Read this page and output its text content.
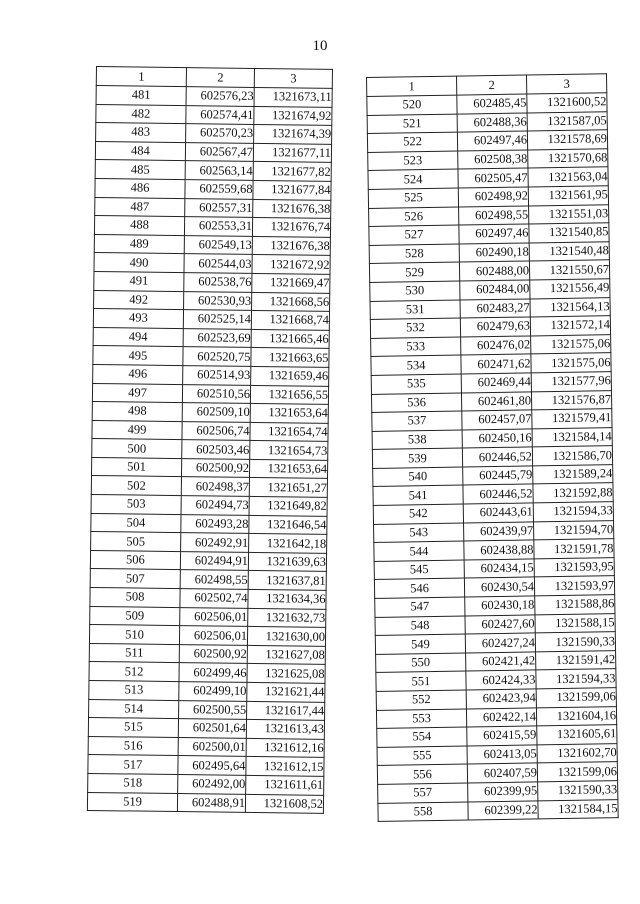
10
1	2	3
481	602576,23	1321673,11
482	602574,41	1321674,92
483	602570,23	1321674,39
484	602567,47	1321677,11
485	602563,14	1321677,82
486	602559,68	1321677,84
487	602557,31	1321676,38
488	602553,31	1321676,74
489	602549,13	1321676,38
490	602544,03	1321672,92
491	602538,76	1321669,47
492	602530,93	1321668,56
493	602525,14	1321668,74
494	602523,69	1321665,46
495	602520,75	1321663,65
496	602514,93	1321659,46
497	602510,56	1321656,55
498	602509,10	1321653,64
499	602506,74	1321654,74
500	602503,46	1321654,73
501	602500,92	1321653,64
502	602498,37	1321651,27
503	602494,73	1321649,82
504	602493,28	1321646,54
505	602492,91	1321642,18
506	602494,91	1321639,63
507	602498,55	1321637,81
508	602502,74	1321634,36
509	602506,01	1321632,73
510	602506,01	1321630,00
511	602500,92	1321627,08
512	602499,46	1321625,08
513	602499,10	1321621,44
514	602500,55	1321617,44
515	602501,64	1321613,43
516	602500,01	1321612,16
517	602495,64	1321612,15
518	602492,00	1321611,61
519	602488,91	1321608,52
1	2	3
520	602485,45	1321600,52
521	602488,36	1321587,05
522	602497,46	1321578,69
523	602508,38	1321570,68
524	602505,47	1321563,04
525	602498,92	1321561,95
526	602498,55	1321551,03
527	602497,46	1321540,85
528	602490,18	1321540,48
529	602488,00	1321550,67
530	602484,00	1321556,49
531	602483,27	1321564,13
532	602479,63	1321572,14
533	602476,02	1321575,06
534	602471,62	1321575,06
535	602469,44	1321577,96
536	602461,80	1321576,87
537	602457,07	1321579,41
538	602450,16	1321584,14
539	602446,52	1321586,70
540	602445,79	1321589,24
541	602446,52	1321592,88
542	602443,61	1321594,33
543	602439,97	1321594,70
544	602438,88	1321591,78
545	602434,15	1321593,95
546	602430,54	1321593,97
547	602430,18	1321588,86
548	602427,60	1321588,15
549	602427,24	1321590,33
550	602421,42	1321591,42
551	602424,33	1321594,33
552	602423,94	1321599,06
553	602422,14	1321604,16
554	602415,59	1321605,61
555	602413,05	1321602,70
556	602407,59	1321599,06
557	602399,95	1321590,33
558	602399,22	1321584,15
